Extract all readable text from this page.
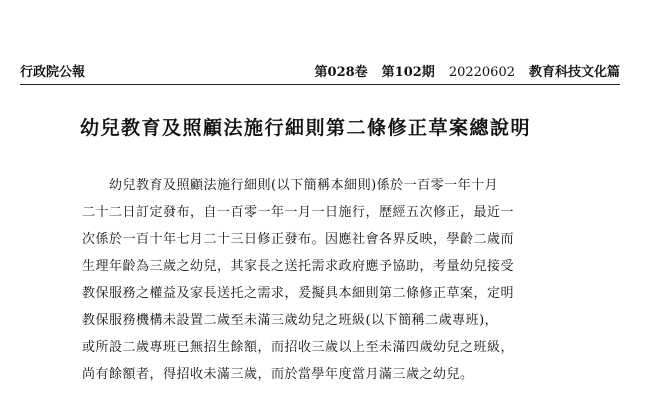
行政院公報	第028卷 第102期 20220602 教育科技文化篇
幼兒教育及照顧法施行細則第二條修正草案總說明
幼兒教育及照顧法施行細則(以下簡稱本細則)係於一百零一年十月
二十二日訂定發布，自一百零一年一月一日施行，歷經五次修正，最近一
次係於一百十年七月二十三日修正發布。因應社會各界反映，學齡二歲而
生理年齡為三歲之幼兒，其家長之送托需求政府應予協助，考量幼兒接受
教保服務之權益及家長送托之需求，爰擬具本細則第二條修正草案，定明
教保服務機構未設置二歲至未滿三歲幼兒之班級(以下簡稱二歲專班)，
或所設二歲專班已無招生餘額，而招收三歲以上至未滿四歲幼兒之班級，
尚有餘額者，得招收未滿三歲，而於當學年度當月滿三歲之幼兒。
